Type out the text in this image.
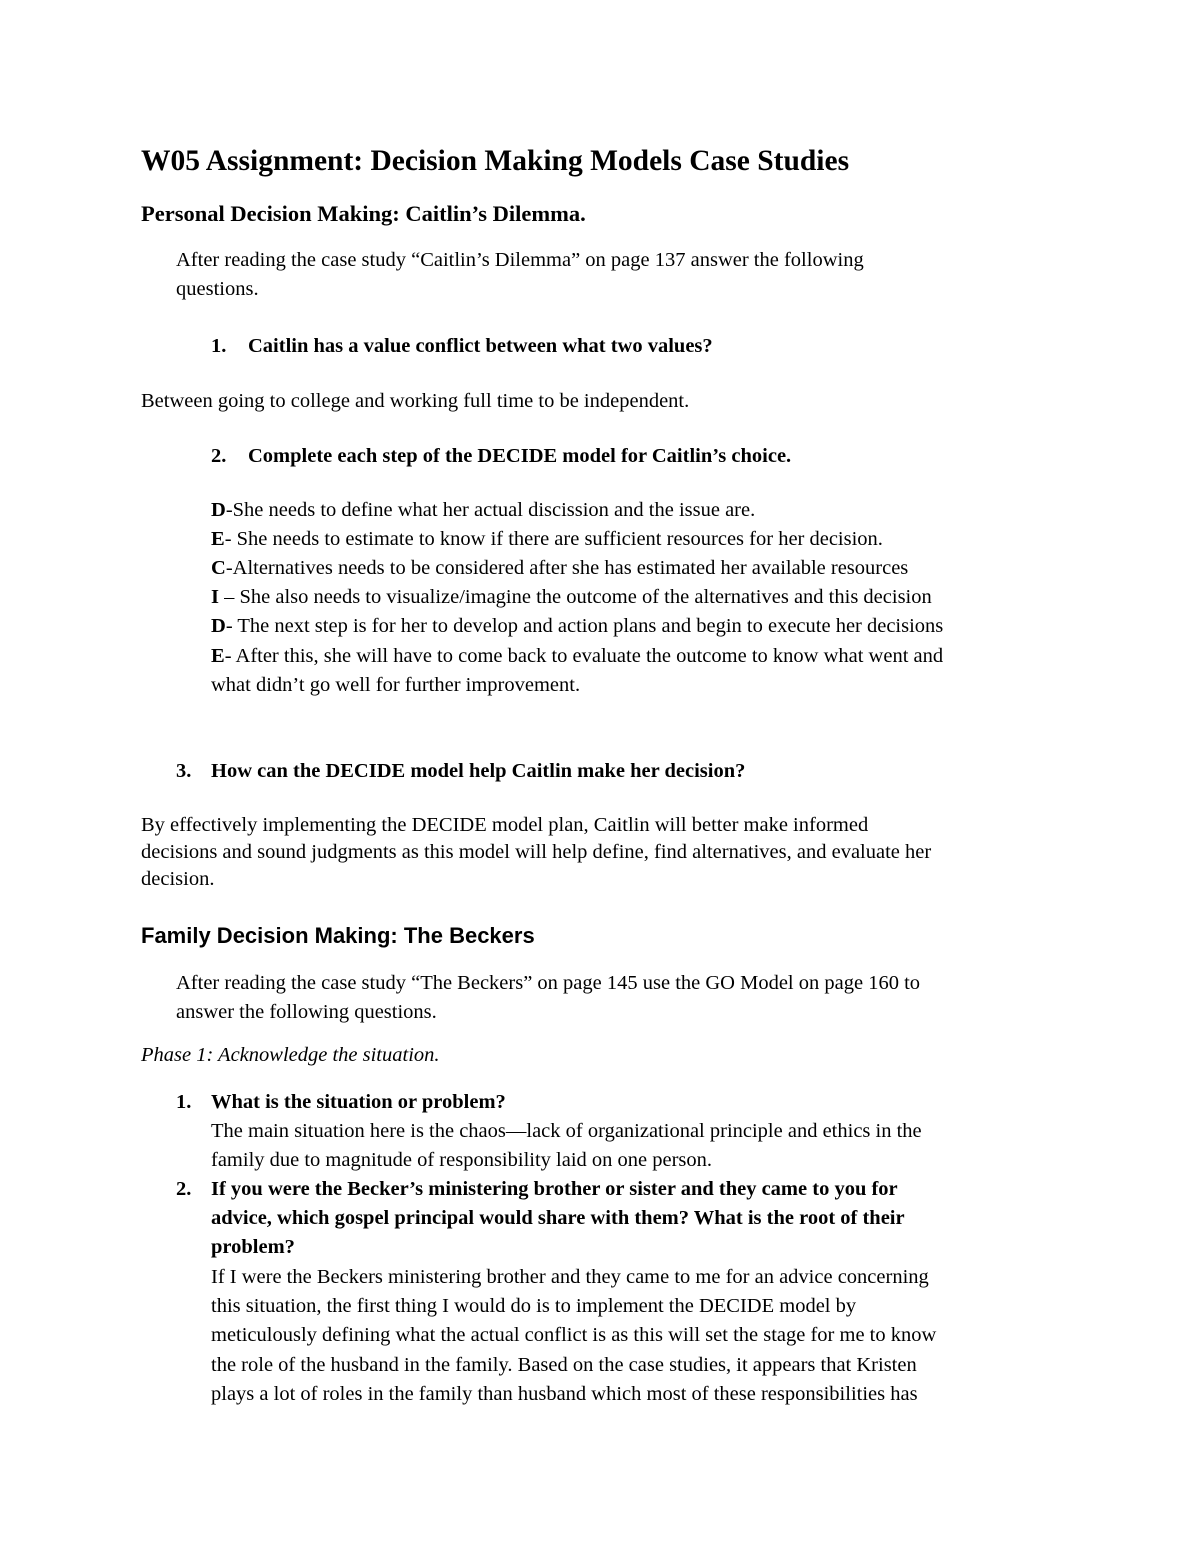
W05 Assignment: Decision Making Models Case Studies
Personal Decision Making: Caitlin’s Dilemma.

After reading the case study “Caitlin’s Dilemma” on page 137 answer the following

questions.

1. Caitlin has a value conflict between what two values?

Between going to college and working full time to be independent.

2. Complete each step of the DECIDE model for Caitlin’s choice.

D-She needs to define what her actual discission and the issue are.

E- She needs to estimate to know if there are sufficient resources for her decision.

C-Alternatives needs to be considered after she has estimated her available resources

I – She also needs to visualize/imagine the outcome of the alternatives and this decision

D- The next step is for her to develop and action plans and begin to execute her decisions

E- After this, she will have to come back to evaluate the outcome to know what went and

what didn’t go well for further improvement.

3. How can the DECIDE model help Caitlin make her decision?

By effectively implementing the DECIDE model plan, Caitlin will better make informed

decisions and sound judgments as this model will help define, find alternatives, and evaluate her

decision.

Family Decision Making: The Beckers

After reading the case study “The Beckers” on page 145 use the GO Model on page 160 to

answer the following questions.

Phase 1: Acknowledge the situation.

1. What is the situation or problem?

The main situation here is the chaos—lack of organizational principle and ethics in the

family due to magnitude of responsibility laid on one person.

2. If you were the Becker’s ministering brother or sister and they came to you for

advice, which gospel principal would share with them? What is the root of their

problem?

If I were the Beckers ministering brother and they came to me for an advice concerning

this situation, the first thing I would do is to implement the DECIDE model by

meticulously defining what the actual conflict is as this will set the stage for me to know

the role of the husband in the family. Based on the case studies, it appears that Kristen

plays a lot of roles in the family than husband which most of these responsibilities has
